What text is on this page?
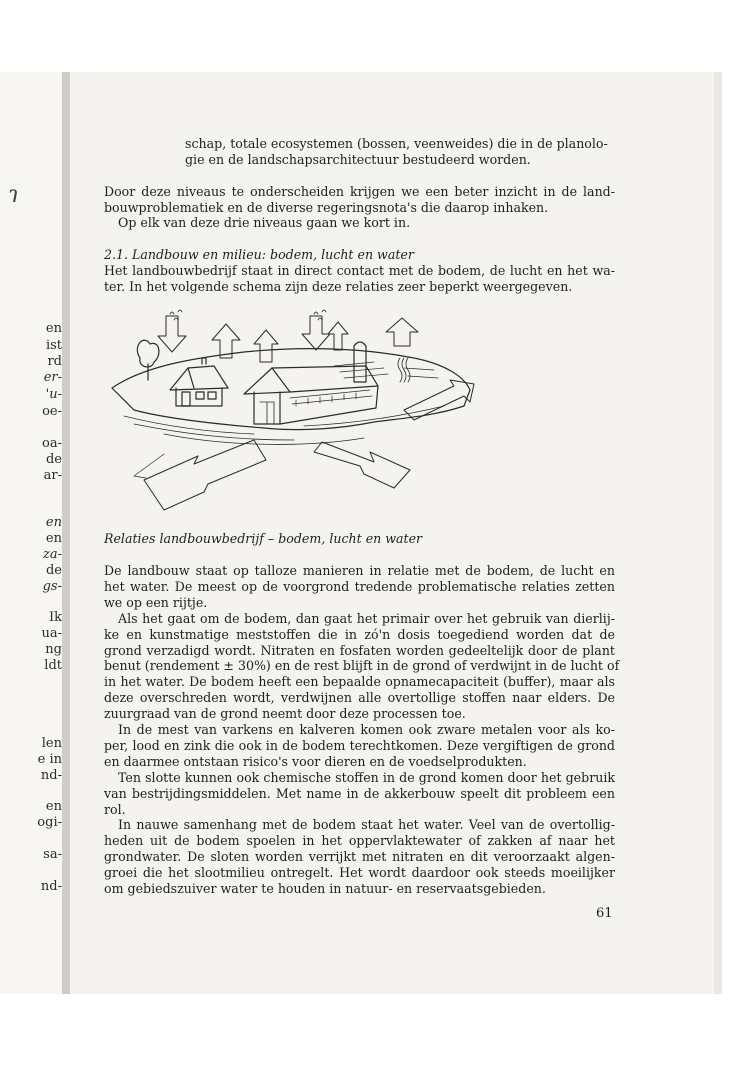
ɿ
en
ist
rd
er-
'u-
oe-
oa-
de
ar-
en
en
za-
de
gs-
Ik
ua-
ng
ldt
len
e in
nd-
en
ogi-
sa-
nd-
schap, totale ecosystemen (bossen, veenweides) die in de planolo-
gie en de landschapsarchitectuur bestudeerd worden.
Door deze niveaus te onderscheiden krijgen we een beter inzicht in de land-
bouwproblematiek en de diverse regeringsnota's die daarop inhaken.
Op elk van deze drie niveaus gaan we kort in.
2.1. Landbouw en milieu: bodem, lucht en water
Het landbouwbedrijf staat in direct contact met de bodem, de lucht en het wa-
ter. In het volgende schema zijn deze relaties zeer beperkt weergegeven.
Relaties landbouwbedrijf – bodem, lucht en water
De landbouw staat op talloze manieren in relatie met de bodem, de lucht en
het water. De meest op de voorgrond tredende problematische relaties zetten
we op een rijtje.
Als het gaat om de bodem, dan gaat het primair over het gebruik van dierlij-
ke en kunstmatige meststoffen die in zó'n dosis toegediend worden dat de
grond verzadigd wordt. Nitraten en fosfaten worden gedeeltelijk door de plant
benut (rendement ± 30%) en de rest blijft in de grond of verdwijnt in de lucht of
in het water. De bodem heeft een bepaalde opnamecapaciteit (buffer), maar als
deze overschreden wordt, verdwijnen alle overtollige stoffen naar elders. De
zuurgraad van de grond neemt door deze processen toe.
In de mest van varkens en kalveren komen ook zware metalen voor als ko-
per, lood en zink die ook in de bodem terechtkomen. Deze vergiftigen de grond
en daarmee ontstaan risico's voor dieren en de voedselprodukten.
Ten slotte kunnen ook chemische stoffen in de grond komen door het gebruik
van bestrijdingsmiddelen. Met name in de akkerbouw speelt dit probleem een
rol.
In nauwe samenhang met de bodem staat het water. Veel van de overtollig-
heden uit de bodem spoelen in het oppervlaktewater of zakken af naar het
grondwater. De sloten worden verrijkt met nitraten en dit veroorzaakt algen-
groei die het slootmilieu ontregelt. Het wordt daardoor ook steeds moeilijker
om gebiedszuiver water te houden in natuur- en reservaatsgebieden.
61
